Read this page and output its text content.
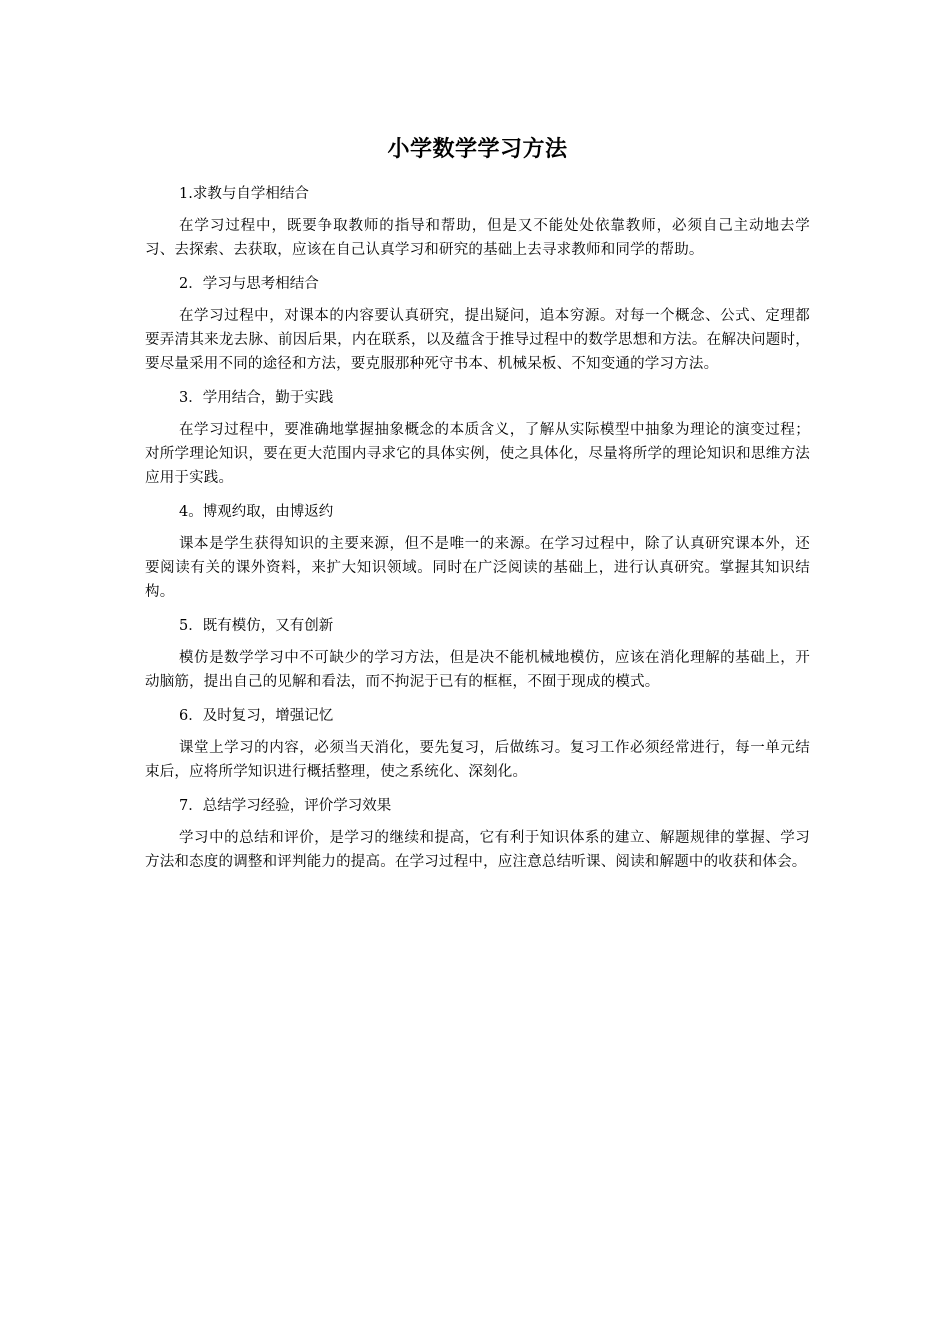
小学数学学习方法

1.求教与自学相结合

在学习过程中，既要争取教师的指导和帮助，但是又不能处处依靠教师，必须自己主动地去学习、去探索、去获取，应该在自己认真学习和研究的基础上去寻求教师和同学的帮助。

2．学习与思考相结合

在学习过程中，对课本的内容要认真研究，提出疑问，追本穷源。对每一个概念、公式、定理都要弄清其来龙去脉、前因后果，内在联系，以及蕴含于推导过程中的数学思想和方法。在解决问题时，要尽量采用不同的途径和方法，要克服那种死守书本、机械呆板、不知变通的学习方法。

3．学用结合，勤于实践

在学习过程中，要准确地掌握抽象概念的本质含义，了解从实际模型中抽象为理论的演变过程；对所学理论知识，要在更大范围内寻求它的具体实例，使之具体化，尽量将所学的理论知识和思维方法应用于实践。

4。博观约取，由博返约

课本是学生获得知识的主要来源，但不是唯一的来源。在学习过程中，除了认真研究课本外，还要阅读有关的课外资料，来扩大知识领域。同时在广泛阅读的基础上，进行认真研究。掌握其知识结构。

5．既有模仿，又有创新

模仿是数学学习中不可缺少的学习方法，但是决不能机械地模仿，应该在消化理解的基础上，开动脑筋，提出自己的见解和看法，而不拘泥于已有的框框，不囿于现成的模式。

6．及时复习，增强记忆

课堂上学习的内容，必须当天消化，要先复习，后做练习。复习工作必须经常进行，每一单元结束后，应将所学知识进行概括整理，使之系统化、深刻化。

7．总结学习经验，评价学习效果

学习中的总结和评价，是学习的继续和提高，它有利于知识体系的建立、解题规律的掌握、学习方法和态度的调整和评判能力的提高。在学习过程中，应注意总结听课、阅读和解题中的收获和体会。
